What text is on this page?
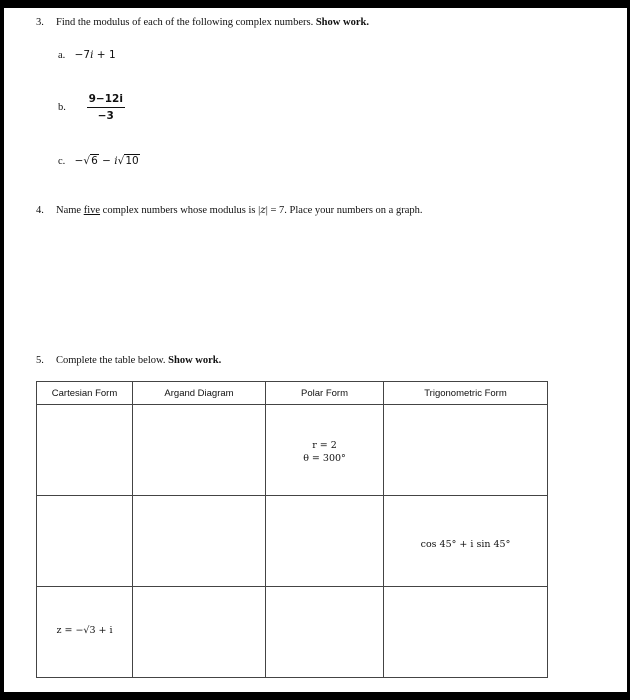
3. Find the modulus of each of the following complex numbers. Show work.
a. −7i + 1
b. $\frac{9-12i}{-3}$
c. −√6 − i√10
4. Name five complex numbers whose modulus is |z| = 7. Place your numbers on a graph.
5. Complete the table below. Show work.
Cartesian Form	Argand Diagram	Polar Form	Trigonometric Form

		r = 2
θ = 300°	

			cos 45° + i sin 45°

z = −√3 + i			
